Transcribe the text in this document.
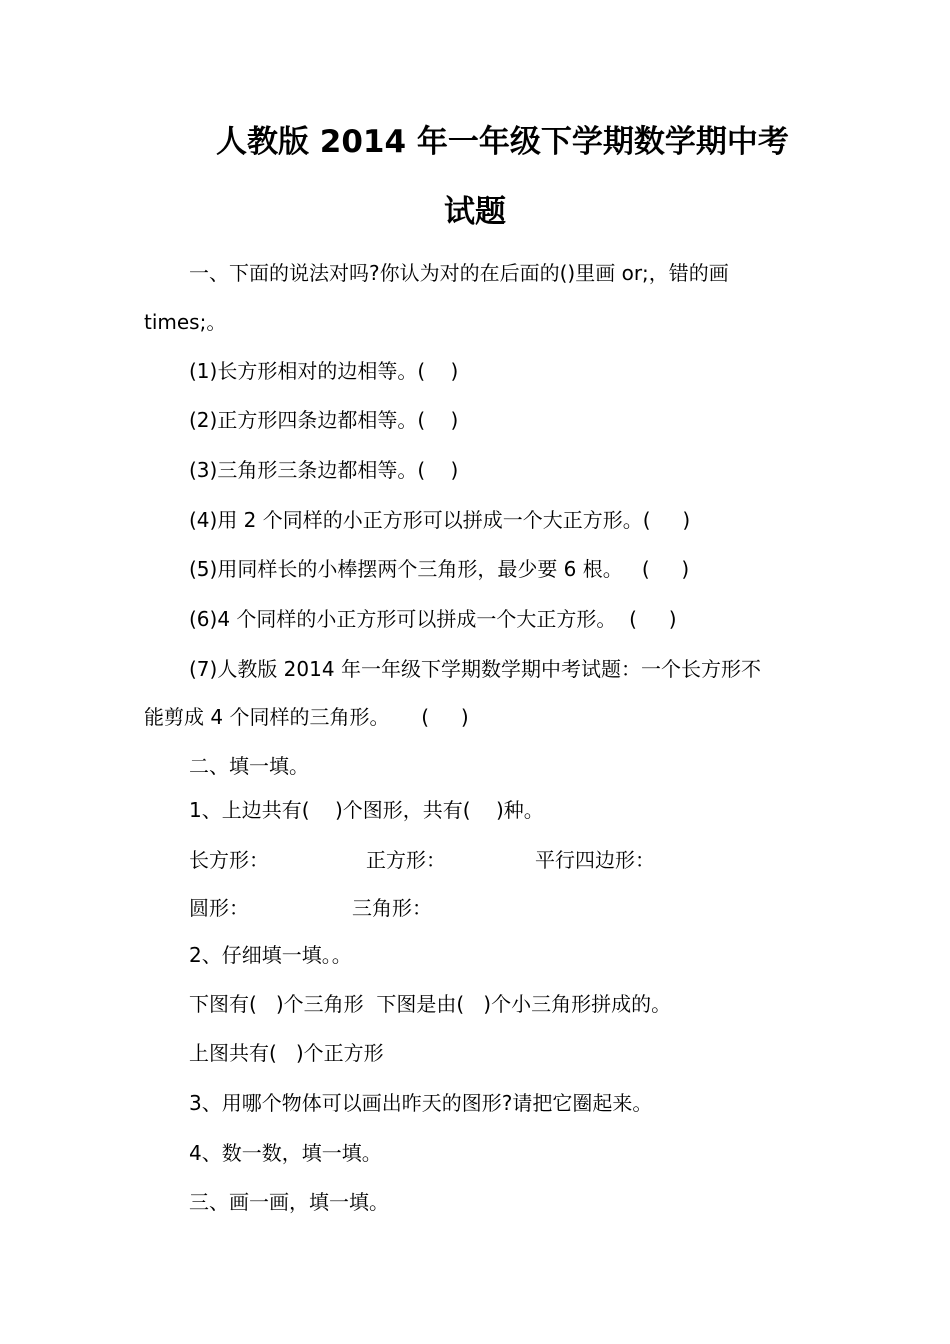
人教版 2014 年一年级下学期数学期中考
试题
一、下面的说法对吗?你认为对的在后面的()里画 or;，错的画
times;。
(1)长方形相对的边相等。(    )
(2)正方形四条边都相等。(    )
(3)三角形三条边都相等。(    )
(4)用 2 个同样的小正方形可以拼成一个大正方形。(     )
(5)用同样长的小棒摆两个三角形，最少要 6 根。   (     )
(6)4 个同样的小正方形可以拼成一个大正方形。  (     )
(7)人教版 2014 年一年级下学期数学期中考试题：一个长方形不
能剪成 4 个同样的三角形。     (     )
二、填一填。
1、上边共有(    )个图形，共有(    )种。
长方形：	正方形：	平行四边形：
圆形：	三角形：
2、仔细填一填。。
下图有(   )个三角形  下图是由(   )个小三角形拼成的。
上图共有(   )个正方形
3、用哪个物体可以画出昨天的图形?请把它圈起来。
4、数一数，填一填。
三、画一画，填一填。
